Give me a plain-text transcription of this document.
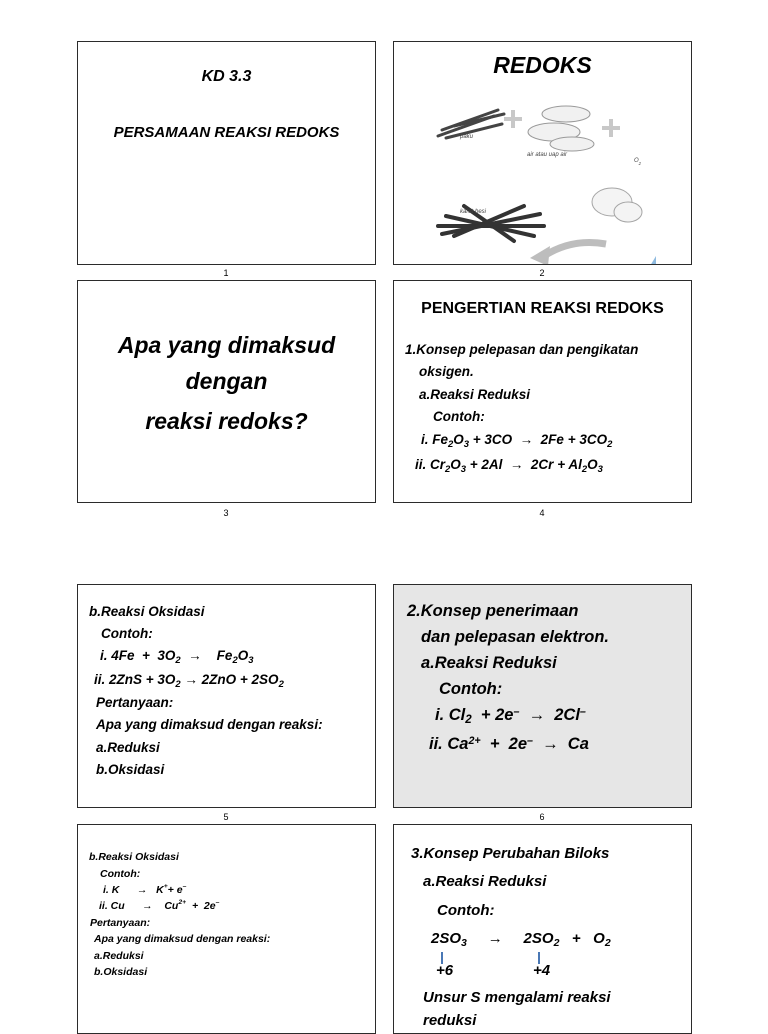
KD 3.3
PERSAMAAN REAKSI REDOKS
1
REDOKS
paku
air atau uap air
$O_2$
karat besi
2
Apa yang dimaksud
dengan
reaksi redoks?
3
PENGERTIAN REAKSI REDOKS
1.Konsep pelepasan dan pengikatan
oksigen.
a.Reaksi Reduksi
Contoh:
i. $Fe_2O_3 + 3CO \to 2Fe + 3CO_2$
ii. $Cr_2O_3 + 2Al \to 2Cr + Al_2O_3$
4
b.Reaksi Oksidasi
Contoh:
i. $4Fe + 3O_2$  →    $Fe_2O_3$
ii. $2ZnS + 3O_2 \to 2ZnO + 2SO_2$
Pertanyaan:
Apa yang dimaksud dengan reaksi:
a.Reduksi
b.Oksidasi
5
2.Konsep penerimaan
dan pelepasan elektron.
a.Reaksi Reduksi
Contoh:
i. $Cl_2 + 2e^- \to 2Cl^-$
ii. $Ca^{2+} + 2e^- \to Ca$
6
b.Reaksi Oksidasi
Contoh:
i. K      →   K++ e–
ii. Cu      →    $Cu^{2+} + 2e^-$
Pertanyaan:
Apa yang dimaksud dengan reaksi:
a.Reduksi
b.Oksidasi
3.Konsep Perubahan Biloks
a.Reaksi Reduksi
Contoh:
$2SO_3$     →     $2SO_2 + O_2$
+6	+4
Unsur S mengalami reaksi
reduksi
